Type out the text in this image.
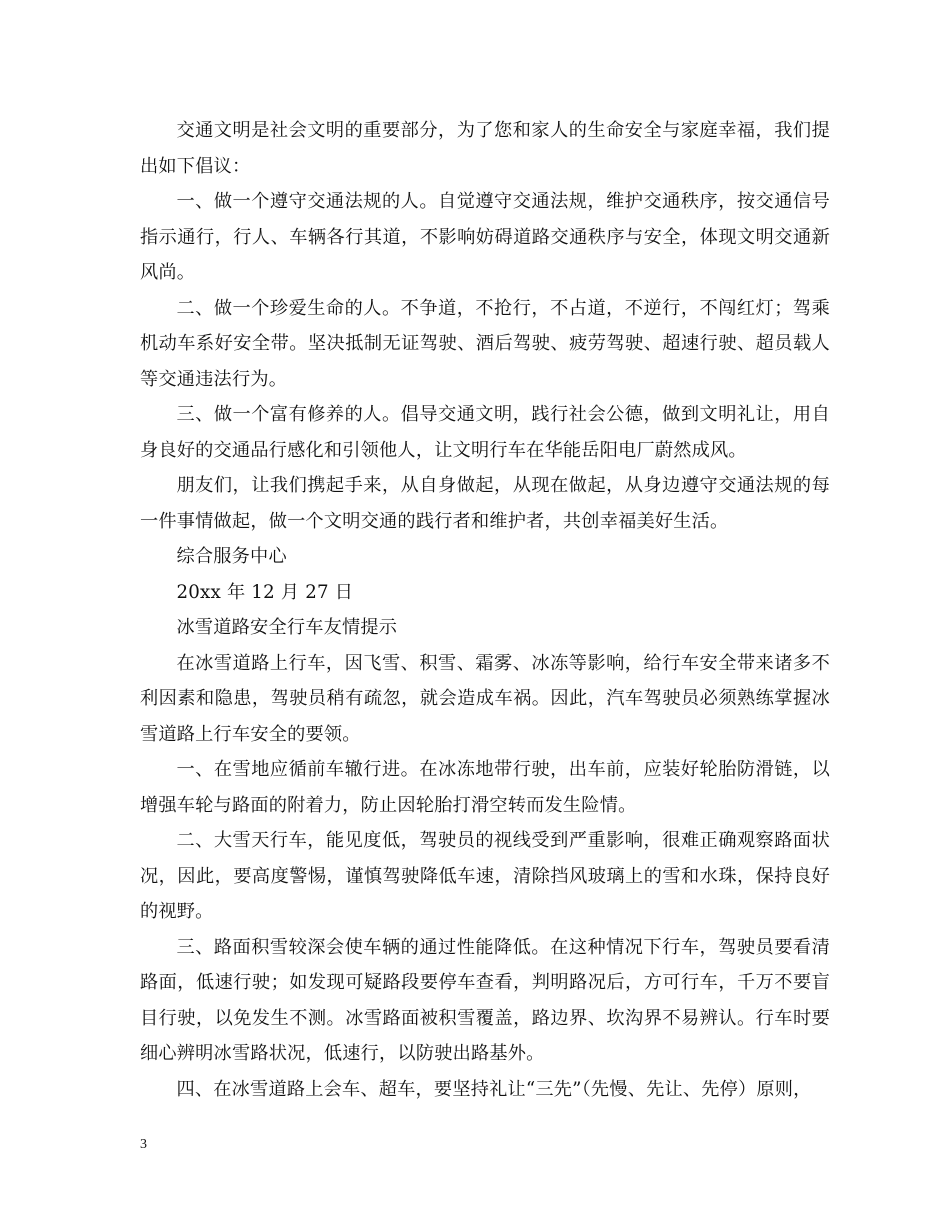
交通文明是社会文明的重要部分，为了您和家人的生命安全与家庭幸福，我们提出如下倡议：

一、做一个遵守交通法规的人。自觉遵守交通法规，维护交通秩序，按交通信号指示通行，行人、车辆各行其道，不影响妨碍道路交通秩序与安全，体现文明交通新风尚。

二、做一个珍爱生命的人。不争道，不抢行，不占道，不逆行，不闯红灯；驾乘机动车系好安全带。坚决抵制无证驾驶、酒后驾驶、疲劳驾驶、超速行驶、超员载人等交通违法行为。

三、做一个富有修养的人。倡导交通文明，践行社会公德，做到文明礼让，用自身良好的交通品行感化和引领他人，让文明行车在华能岳阳电厂蔚然成风。

朋友们，让我们携起手来，从自身做起，从现在做起，从身边遵守交通法规的每一件事情做起，做一个文明交通的践行者和维护者，共创幸福美好生活。

综合服务中心

20xx 年 12 月 27 日

冰雪道路安全行车友情提示

在冰雪道路上行车，因飞雪、积雪、霜雾、冰冻等影响，给行车安全带来诸多不利因素和隐患，驾驶员稍有疏忽，就会造成车祸。因此，汽车驾驶员必须熟练掌握冰雪道路上行车安全的要领。

一、在雪地应循前车辙行进。在冰冻地带行驶，出车前，应装好轮胎防滑链，以增强车轮与路面的附着力，防止因轮胎打滑空转而发生险情。

二、大雪天行车，能见度低，驾驶员的视线受到严重影响，很难正确观察路面状况，因此，要高度警惕，谨慎驾驶降低车速，清除挡风玻璃上的雪和水珠，保持良好的视野。

三、路面积雪较深会使车辆的通过性能降低。在这种情况下行车，驾驶员要看清路面，低速行驶；如发现可疑路段要停车查看，判明路况后，方可行车，千万不要盲目行驶，以免发生不测。冰雪路面被积雪覆盖，路边界、坎沟界不易辨认。行车时要细心辨明冰雪路状况，低速行，以防驶出路基外。

四、在冰雪道路上会车、超车，要坚持礼让“三先”（先慢、先让、先停）原则，

3
